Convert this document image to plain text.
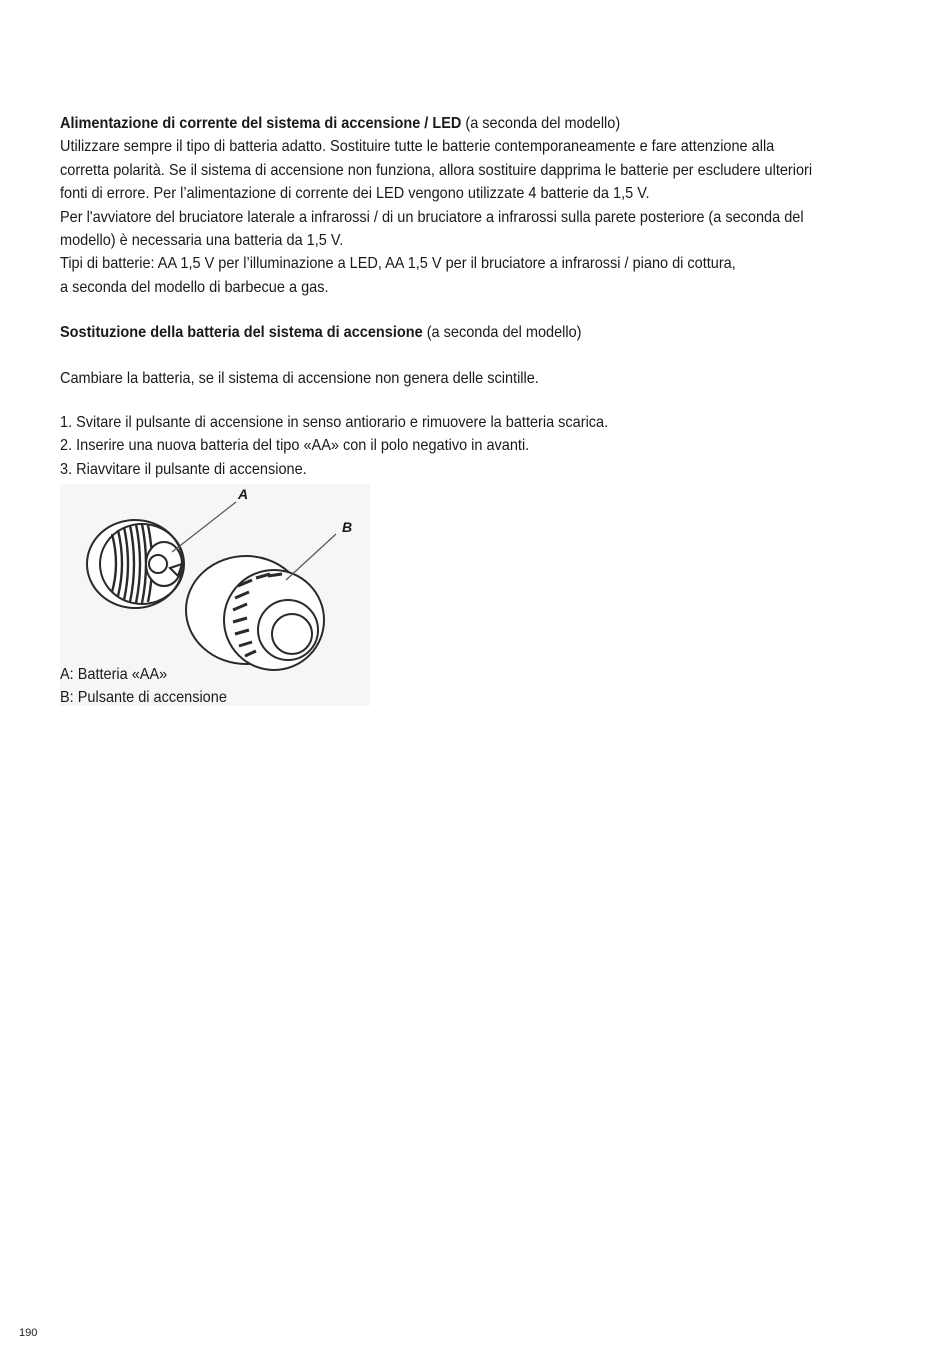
Alimentazione di corrente del sistema di accensione / LED (a seconda del modello)

Utilizzare sempre il tipo di batteria adatto. Sostituire tutte le batterie contemporaneamente e fare attenzione alla

corretta polarità. Se il sistema di accensione non funziona, allora sostituire dapprima le batterie per escludere ulteriori

fonti di errore. Per l’alimentazione di corrente dei LED vengono utilizzate 4 batterie da 1,5 V.

Per l'avviatore del bruciatore laterale a infrarossi / di un bruciatore a infrarossi sulla parete posteriore (a seconda del

modello) è necessaria una batteria da 1,5 V.

Tipi di batterie: AA 1,5 V per l’illuminazione a LED, AA 1,5 V per il bruciatore a infrarossi / piano di cottura,

a seconda del modello di barbecue a gas.

Sostituzione della batteria del sistema di accensione (a seconda del modello)

Cambiare la batteria, se il sistema di accensione non genera delle scintille.

1. Svitare il pulsante di accensione in senso antiorario e rimuovere la batteria scarica.

2. Inserire una nuova batteria del tipo «AA» con il polo negativo in avanti.

3. Riavvitare il pulsante di accensione.

A
B

A: Batteria «AA»

B: Pulsante di accensione

190
